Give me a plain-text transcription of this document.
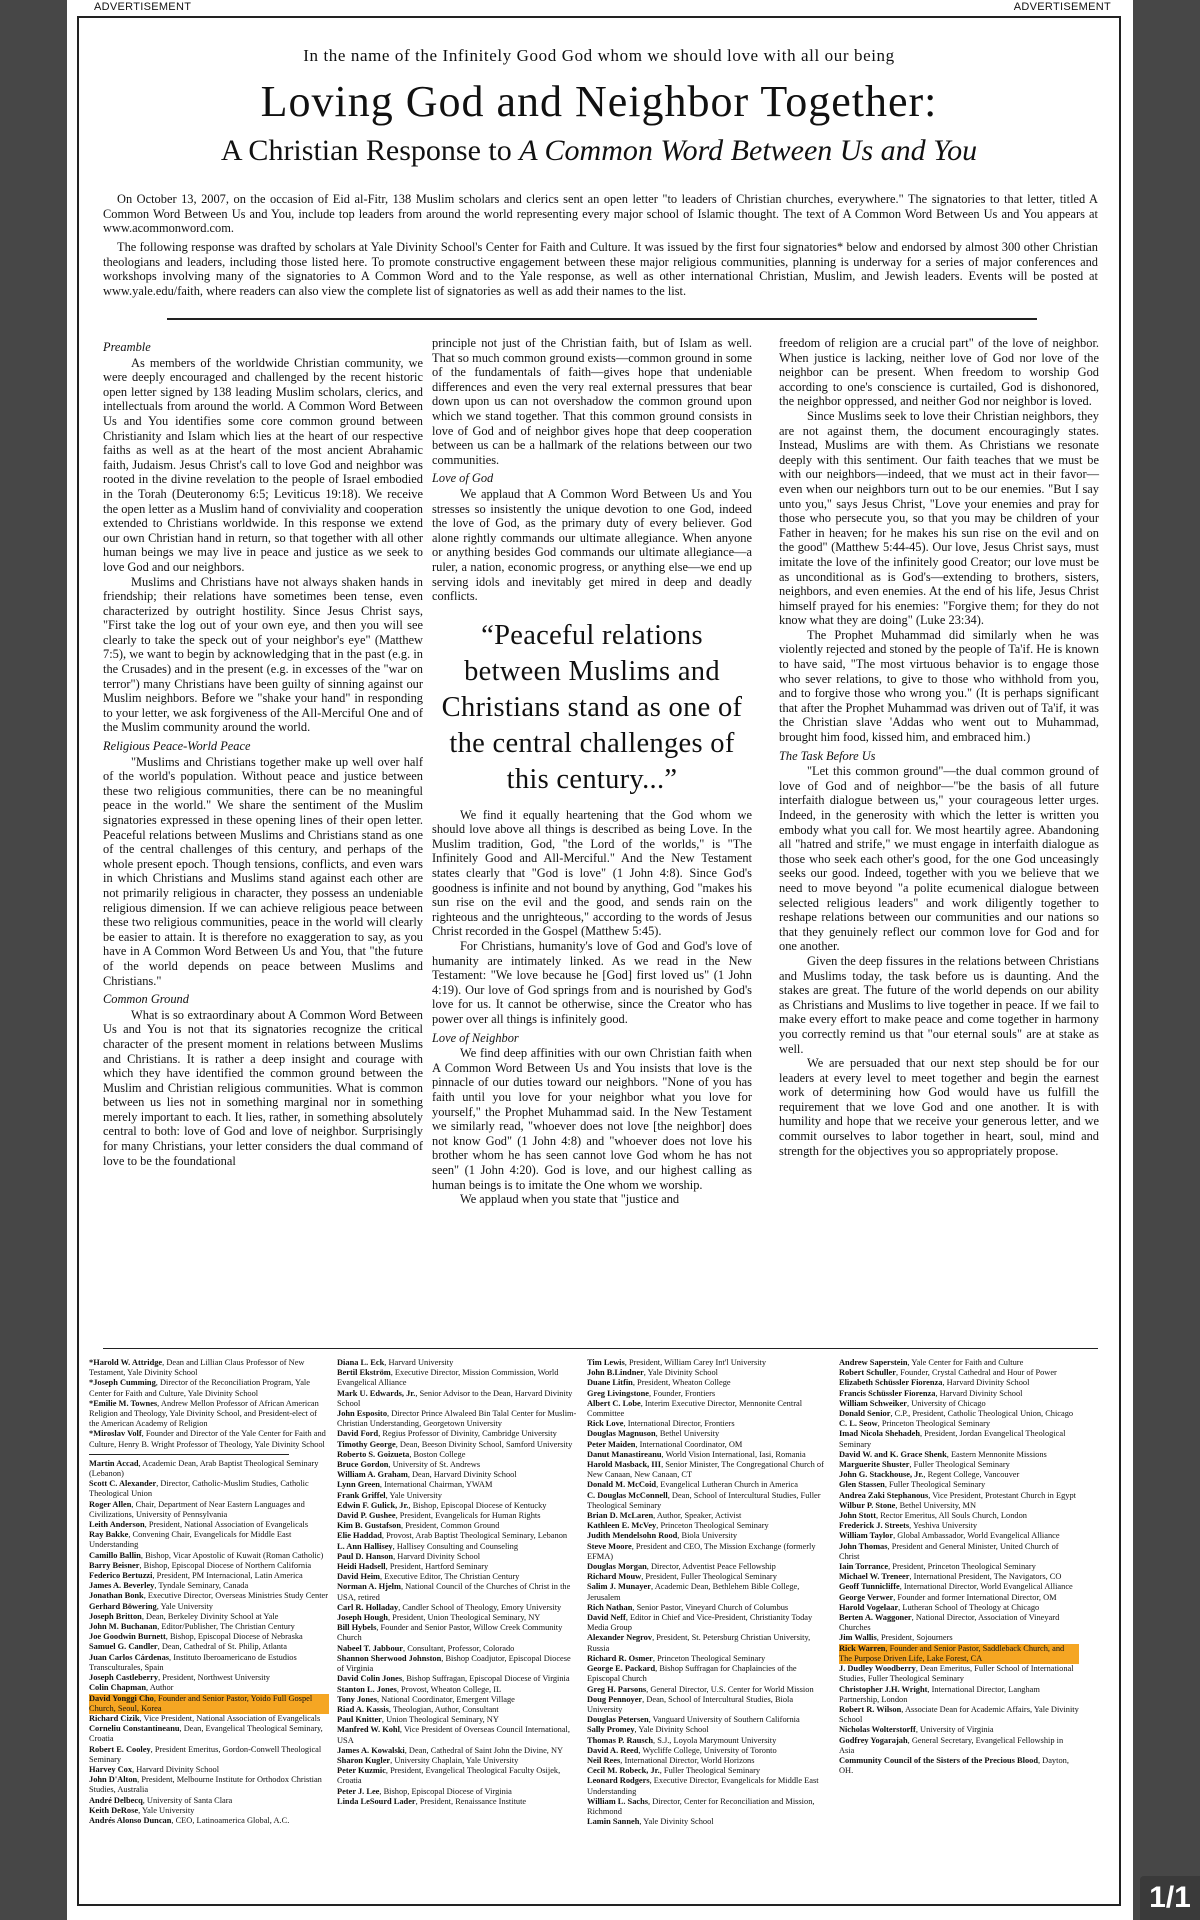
ADVERTISEMENT	ADVERTISEMENT
In the name of the Infinitely Good God whom we should love with all our being
Loving God and Neighbor Together:
A Christian Response to A Common Word Between Us and You
On October 13, 2007, on the occasion of Eid al-Fitr, 138 Muslim scholars and clerics sent an open letter "to leaders of Christian churches, everywhere." The signatories to that letter, titled A Common Word Between Us and You, include top leaders from around the world representing every major school of Islamic thought. The text of A Common Word Between Us and You appears at www.acommonword.com.
The following response was drafted by scholars at Yale Divinity School's Center for Faith and Culture. It was issued by the first four signatories* below and endorsed by almost 300 other Christian theologians and leaders, including those listed here. To promote constructive engagement between these major religious communities, planning is underway for a series of major conferences and workshops involving many of the signatories to A Common Word and to the Yale response, as well as other international Christian, Muslim, and Jewish leaders. Events will be posted at www.yale.edu/faith, where readers can also view the complete list of signatories as well as add their names to the list.
Preamble

As members of the worldwide Christian community, we were deeply encouraged and challenged by the recent historic open letter signed by 138 leading Muslim scholars, clerics, and intellectuals from around the world. A Common Word Between Us and You identifies some core common ground between Christianity and Islam which lies at the heart of our respective faiths as well as at the heart of the most ancient Abrahamic faith, Judaism. Jesus Christ's call to love God and neighbor was rooted in the divine revelation to the people of Israel embodied in the Torah (Deuteronomy 6:5; Leviticus 19:18). We receive the open letter as a Muslim hand of conviviality and cooperation extended to Christians worldwide. In this response we extend our own Christian hand in return, so that together with all other human beings we may live in peace and justice as we seek to love God and our neighbors.

Muslims and Christians have not always shaken hands in friendship; their relations have sometimes been tense, even characterized by outright hostility. Since Jesus Christ says, "First take the log out of your own eye, and then you will see clearly to take the speck out of your neighbor's eye" (Matthew 7:5), we want to begin by acknowledging that in the past (e.g. in the Crusades) and in the present (e.g. in excesses of the "war on terror") many Christians have been guilty of sinning against our Muslim neighbors. Before we "shake your hand" in responding to your letter, we ask forgiveness of the All-Merciful One and of the Muslim community around the world.

Religious Peace-World Peace

"Muslims and Christians together make up well over half of the world's population. Without peace and justice between these two religious communities, there can be no meaningful peace in the world." We share the sentiment of the Muslim signatories expressed in these opening lines of their open letter. Peaceful relations between Muslims and Christians stand as one of the central challenges of this century, and perhaps of the whole present epoch. Though tensions, conflicts, and even wars in which Christians and Muslims stand against each other are not primarily religious in character, they possess an undeniable religious dimension. If we can achieve religious peace between these two religious communities, peace in the world will clearly be easier to attain. It is therefore no exaggeration to say, as you have in A Common Word Between Us and You, that "the future of the world depends on peace between Muslims and Christians."

Common Ground

What is so extraordinary about A Common Word Between Us and You is not that its signatories recognize the critical character of the present moment in relations between Muslims and Christians. It is rather a deep insight and courage with which they have identified the common ground between the Muslim and Christian religious communities. What is common between us lies not in something marginal nor in something merely important to each. It lies, rather, in something absolutely central to both: love of God and love of neighbor. Surprisingly for many Christians, your letter considers the dual command of love to be the foundational

principle not just of the Christian faith, but of Islam as well. That so much common ground exists—common ground in some of the fundamentals of faith—gives hope that undeniable differences and even the very real external pressures that bear down upon us can not overshadow the common ground upon which we stand together. That this common ground consists in love of God and of neighbor gives hope that deep cooperation between us can be a hallmark of the relations between our two communities.

Love of God

We applaud that A Common Word Between Us and You stresses so insistently the unique devotion to one God, indeed the love of God, as the primary duty of every believer. God alone rightly commands our ultimate allegiance. When anyone or anything besides God commands our ultimate allegiance—a ruler, a nation, economic progress, or anything else—we end up serving idols and inevitably get mired in deep and deadly conflicts.

“Peaceful relations between Muslims and Christians stand as one of the central challenges of this century...”

We find it equally heartening that the God whom we should love above all things is described as being Love. In the Muslim tradition, God, "the Lord of the worlds," is "The Infinitely Good and All-Merciful." And the New Testament states clearly that "God is love" (1 John 4:8). Since God's goodness is infinite and not bound by anything, God "makes his sun rise on the evil and the good, and sends rain on the righteous and the unrighteous," according to the words of Jesus Christ recorded in the Gospel (Matthew 5:45).

For Christians, humanity's love of God and God's love of humanity are intimately linked. As we read in the New Testament: "We love because he [God] first loved us" (1 John 4:19). Our love of God springs from and is nourished by God's love for us. It cannot be otherwise, since the Creator who has power over all things is infinitely good.

Love of Neighbor

We find deep affinities with our own Christian faith when A Common Word Between Us and You insists that love is the pinnacle of our duties toward our neighbors. "None of you has faith until you love for your neighbor what you love for yourself," the Prophet Muhammad said. In the New Testament we similarly read, "whoever does not love [the neighbor] does not know God" (1 John 4:8) and "whoever does not love his brother whom he has seen cannot love God whom he has not seen" (1 John 4:20). God is love, and our highest calling as human beings is to imitate the One whom we worship.

We applaud when you state that "justice and

freedom of religion are a crucial part" of the love of neighbor. When justice is lacking, neither love of God nor love of the neighbor can be present. When freedom to worship God according to one's conscience is curtailed, God is dishonored, the neighbor oppressed, and neither God nor neighbor is loved.

Since Muslims seek to love their Christian neighbors, they are not against them, the document encouragingly states. Instead, Muslims are with them. As Christians we resonate deeply with this sentiment. Our faith teaches that we must be with our neighbors—indeed, that we must act in their favor—even when our neighbors turn out to be our enemies. "But I say unto you," says Jesus Christ, "Love your enemies and pray for those who persecute you, so that you may be children of your Father in heaven; for he makes his sun rise on the evil and on the good" (Matthew 5:44-45). Our love, Jesus Christ says, must imitate the love of the infinitely good Creator; our love must be as unconditional as is God's—extending to brothers, sisters, neighbors, and even enemies. At the end of his life, Jesus Christ himself prayed for his enemies: "Forgive them; for they do not know what they are doing" (Luke 23:34).

The Prophet Muhammad did similarly when he was violently rejected and stoned by the people of Ta'if. He is known to have said, "The most virtuous behavior is to engage those who sever relations, to give to those who withhold from you, and to forgive those who wrong you." (It is perhaps significant that after the Prophet Muhammad was driven out of Ta'if, it was the Christian slave 'Addas who went out to Muhammad, brought him food, kissed him, and embraced him.)

The Task Before Us

"Let this common ground"—the dual common ground of love of God and of neighbor—"be the basis of all future interfaith dialogue between us," your courageous letter urges. Indeed, in the generosity with which the letter is written you embody what you call for. We most heartily agree. Abandoning all "hatred and strife," we must engage in interfaith dialogue as those who seek each other's good, for the one God unceasingly seeks our good. Indeed, together with you we believe that we need to move beyond "a polite ecumenical dialogue between selected religious leaders" and work diligently together to reshape relations between our communities and our nations so that they genuinely reflect our common love for God and for one another.

Given the deep fissures in the relations between Christians and Muslims today, the task before us is daunting. And the stakes are great. The future of the world depends on our ability as Christians and Muslims to live together in peace. If we fail to make every effort to make peace and come together in harmony you correctly remind us that "our eternal souls" are at stake as well.

We are persuaded that our next step should be for our leaders at every level to meet together and begin the earnest work of determining how God would have us fulfill the requirement that we love God and one another. It is with humility and hope that we receive your generous letter, and we commit ourselves to labor together in heart, soul, mind and strength for the objectives you so appropriately propose.

*Harold W. Attridge, Dean and Lillian Claus Professor of New Testament, Yale Divinity School
*Joseph Cumming, Director of the Reconciliation Program, Yale Center for Faith and Culture, Yale Divinity School
*Emilie M. Townes, Andrew Mellon Professor of African American Religion and Theology, Yale Divinity School, and President-elect of the American Academy of Religion
*Miroslav Volf, Founder and Director of the Yale Center for Faith and Culture, Henry B. Wright Professor of Theology, Yale Divinity School
Martin Accad, Academic Dean, Arab Baptist Theological Seminary (Lebanon)
Scott C. Alexander, Director, Catholic-Muslim Studies, Catholic Theological Union
Roger Allen, Chair, Department of Near Eastern Languages and Civilizations, University of Pennsylvania
Leith Anderson, President, National Association of Evangelicals
Ray Bakke, Convening Chair, Evangelicals for Middle East Understanding
Camillo Ballin, Bishop, Vicar Apostolic of Kuwait (Roman Catholic)
Barry Beisner, Bishop, Episcopal Diocese of Northern California
Federico Bertuzzi, President, PM Internacional, Latin America
James A. Beverley, Tyndale Seminary, Canada
Jonathan Bonk, Executive Director, Overseas Ministries Study Center
Gerhard Böwering, Yale University
Joseph Britton, Dean, Berkeley Divinity School at Yale
John M. Buchanan, Editor/Publisher, The Christian Century
Joe Goodwin Burnett, Bishop, Episcopal Diocese of Nebraska
Samuel G. Candler, Dean, Cathedral of St. Philip, Atlanta
Juan Carlos Cárdenas, Instituto Iberoamericano de Estudios Transculturales, Spain
Joseph Castleberry, President, Northwest University
Colin Chapman, Author
David Yonggi Cho, Founder and Senior Pastor, Yoido Full Gospel Church, Seoul, Korea
Richard Cizik, Vice President, National Association of Evangelicals
Corneliu Constantineanu, Dean, Evangelical Theological Seminary, Croatia
Robert E. Cooley, President Emeritus, Gordon-Conwell Theological Seminary
Harvey Cox, Harvard Divinity School
John D'Alton, President, Melbourne Institute for Orthodox Christian Studies, Australia
André Delbecq, University of Santa Clara
Keith DeRose, Yale University
Andrés Alonso Duncan, CEO, Latinoamerica Global, A.C.
Diana L. Eck, Harvard University
Bertil Ekström, Executive Director, Mission Commission, World Evangelical Alliance
Mark U. Edwards, Jr., Senior Advisor to the Dean, Harvard Divinity School
John Esposito, Director Prince Alwaleed Bin Talal Center for Muslim-Christian Understanding, Georgetown University
David Ford, Regius Professor of Divinity, Cambridge University
Timothy George, Dean, Beeson Divinity School, Samford University
Roberto S. Goizueta, Boston College
Bruce Gordon, University of St. Andrews
William A. Graham, Dean, Harvard Divinity School
Lynn Green, International Chairman, YWAM
Frank Griffel, Yale University
Edwin F. Gulick, Jr., Bishop, Episcopal Diocese of Kentucky
David P. Gushee, President, Evangelicals for Human Rights
Kim B. Gustafson, President, Common Ground
Elie Haddad, Provost, Arab Baptist Theological Seminary, Lebanon
L. Ann Hallisey, Hallisey Consulting and Counseling
Paul D. Hanson, Harvard Divinity School
Heidi Hadsell, President, Hartford Seminary
David Heim, Executive Editor, The Christian Century
Norman A. Hjelm, National Council of the Churches of Christ in the USA, retired
Carl R. Holladay, Candler School of Theology, Emory University
Joseph Hough, President, Union Theological Seminary, NY
Bill Hybels, Founder and Senior Pastor, Willow Creek Community Church
Nabeel T. Jabbour, Consultant, Professor, Colorado
Shannon Sherwood Johnston, Bishop Coadjutor, Episcopal Diocese of Virginia
David Colin Jones, Bishop Suffragan, Episcopal Diocese of Virginia
Stanton L. Jones, Provost, Wheaton College, IL
Tony Jones, National Coordinator, Emergent Village
Riad A. Kassis, Theologian, Author, Consultant
Paul Knitter, Union Theological Seminary, NY
Manfred W. Kohl, Vice President of Overseas Council International, USA
James A. Kowalski, Dean, Cathedral of Saint John the Divine, NY
Sharon Kugler, University Chaplain, Yale University
Peter Kuzmic, President, Evangelical Theological Faculty Osijek, Croatia
Peter J. Lee, Bishop, Episcopal Diocese of Virginia
Linda LeSourd Lader, President, Renaissance Institute
Tim Lewis, President, William Carey Int'l University
John B.Lindner, Yale Divinity School
Duane Litfin, President, Wheaton College
Greg Livingstone, Founder, Frontiers
Albert C. Lobe, Interim Executive Director, Mennonite Central Committee
Rick Love, International Director, Frontiers
Douglas Magnuson, Bethel University
Peter Maiden, International Coordinator, OM
Danut Manastireanu, World Vision International, Iasi, Romania
Harold Masback, III, Senior Minister, The Congregational Church of New Canaan, New Canaan, CT
Donald M. McCoid, Evangelical Lutheran Church in America
C. Douglas McConnell, Dean, School of Intercultural Studies, Fuller Theological Seminary
Brian D. McLaren, Author, Speaker, Activist
Kathleen E. McVey, Princeton Theological Seminary
Judith Mendelsohn Rood, Biola University
Steve Moore, President and CEO, The Mission Exchange (formerly EFMA)
Douglas Morgan, Director, Adventist Peace Fellowship
Richard Mouw, President, Fuller Theological Seminary
Salim J. Munayer, Academic Dean, Bethlehem Bible College, Jerusalem
Rich Nathan, Senior Pastor, Vineyard Church of Columbus
David Neff, Editor in Chief and Vice-President, Christianity Today Media Group
Alexander Negrov, President, St. Petersburg Christian University, Russia
Richard R. Osmer, Princeton Theological Seminary
George E. Packard, Bishop Suffragan for Chaplaincies of the Episcopal Church
Greg H. Parsons, General Director, U.S. Center for World Mission
Doug Pennoyer, Dean, School of Intercultural Studies, Biola University
Douglas Petersen, Vanguard University of Southern California
Sally Promey, Yale Divinity School
Thomas P. Rausch, S.J., Loyola Marymount University
David A. Reed, Wycliffe College, University of Toronto
Neil Rees, International Director, World Horizons
Cecil M. Robeck, Jr., Fuller Theological Seminary
Leonard Rodgers, Executive Director, Evangelicals for Middle East Understanding
William L. Sachs, Director, Center for Reconciliation and Mission, Richmond
Lamin Sanneh, Yale Divinity School
Andrew Saperstein, Yale Center for Faith and Culture
Robert Schuller, Founder, Crystal Cathedral and Hour of Power
Elizabeth Schüssler Fiorenza, Harvard Divinity School
Francis Schüssler Fiorenza, Harvard Divinity School
William Schweiker, University of Chicago
Donald Senior, C.P., President, Catholic Theological Union, Chicago
C. L. Seow, Princeton Theological Seminary
Imad Nicola Shehadeh, President, Jordan Evangelical Theological Seminary
David W. and K. Grace Shenk, Eastern Mennonite Missions
Marguerite Shuster, Fuller Theological Seminary
John G. Stackhouse, Jr., Regent College, Vancouver
Glen Stassen, Fuller Theological Seminary
Andrea Zaki Stephanous, Vice President, Protestant Church in Egypt
Wilbur P. Stone, Bethel University, MN
John Stott, Rector Emeritus, All Souls Church, London
Frederick J. Streets, Yeshiva University
William Taylor, Global Ambassador, World Evangelical Alliance
John Thomas, President and General Minister, United Church of Christ
Iain Torrance, President, Princeton Theological Seminary
Michael W. Treneer, International President, The Navigators, CO
Geoff Tunnicliffe, International Director, World Evangelical Alliance
George Verwer, Founder and former International Director, OM
Harold Vogelaar, Lutheran School of Theology at Chicago
Berten A. Waggoner, National Director, Association of Vineyard Churches
Jim Wallis, President, Sojourners
Rick Warren, Founder and Senior Pastor, Saddleback Church, and The Purpose Driven Life, Lake Forest, CA
J. Dudley Woodberry, Dean Emeritus, Fuller School of International Studies, Fuller Theological Seminary
Christopher J.H. Wright, International Director, Langham Partnership, London
Robert R. Wilson, Associate Dean for Academic Affairs, Yale Divinity School
Nicholas Wolterstorff, University of Virginia
Godfrey Yogarajah, General Secretary, Evangelical Fellowship in Asia
Community Council of the Sisters of the Precious Blood, Dayton, OH.
1/1
